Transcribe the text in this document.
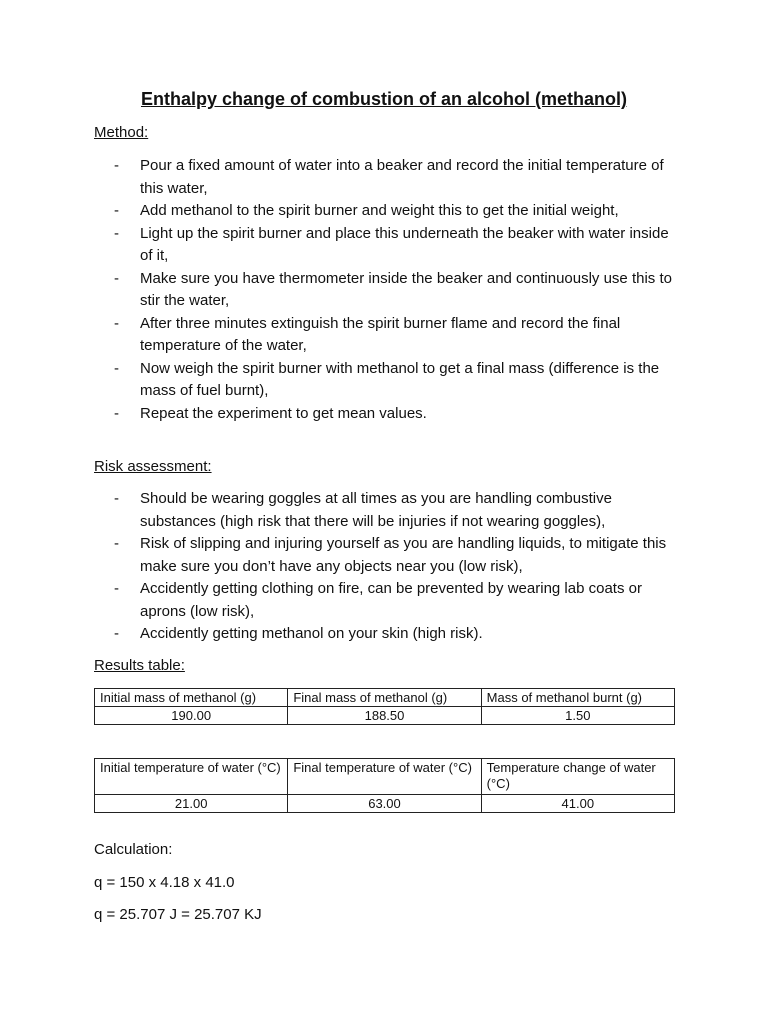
Enthalpy change of combustion of an alcohol (methanol)

Method:

- Pour a fixed amount of water into a beaker and record the initial temperature of this water,
- Add methanol to the spirit burner and weight this to get the initial weight,
- Light up the spirit burner and place this underneath the beaker with water inside of it,
- Make sure you have thermometer inside the beaker and continuously use this to stir the water,
- After three minutes extinguish the spirit burner flame and record the final temperature of the water,
- Now weigh the spirit burner with methanol to get a final mass (difference is the mass of fuel burnt),
- Repeat the experiment to get mean values.

Risk assessment:

- Should be wearing goggles at all times as you are handling combustive substances (high risk that there will be injuries if not wearing goggles),
- Risk of slipping and injuring yourself as you are handling liquids, to mitigate this make sure you don’t have any objects near you (low risk),
- Accidently getting clothing on fire, can be prevented by wearing lab coats or aprons (low risk),
- Accidently getting methanol on your skin (high risk).

Results table:

Initial mass of methanol (g)	Final mass of methanol (g)	Mass of methanol burnt (g)
190.00	188.50	1.50
Initial temperature of water (°C)	Final temperature of water (°C)	Temperature change of water (°C)
21.00	63.00	41.00

Calculation:

q = 150 x 4.18 x 41.0

q = 25.707 J = 25.707 KJ
